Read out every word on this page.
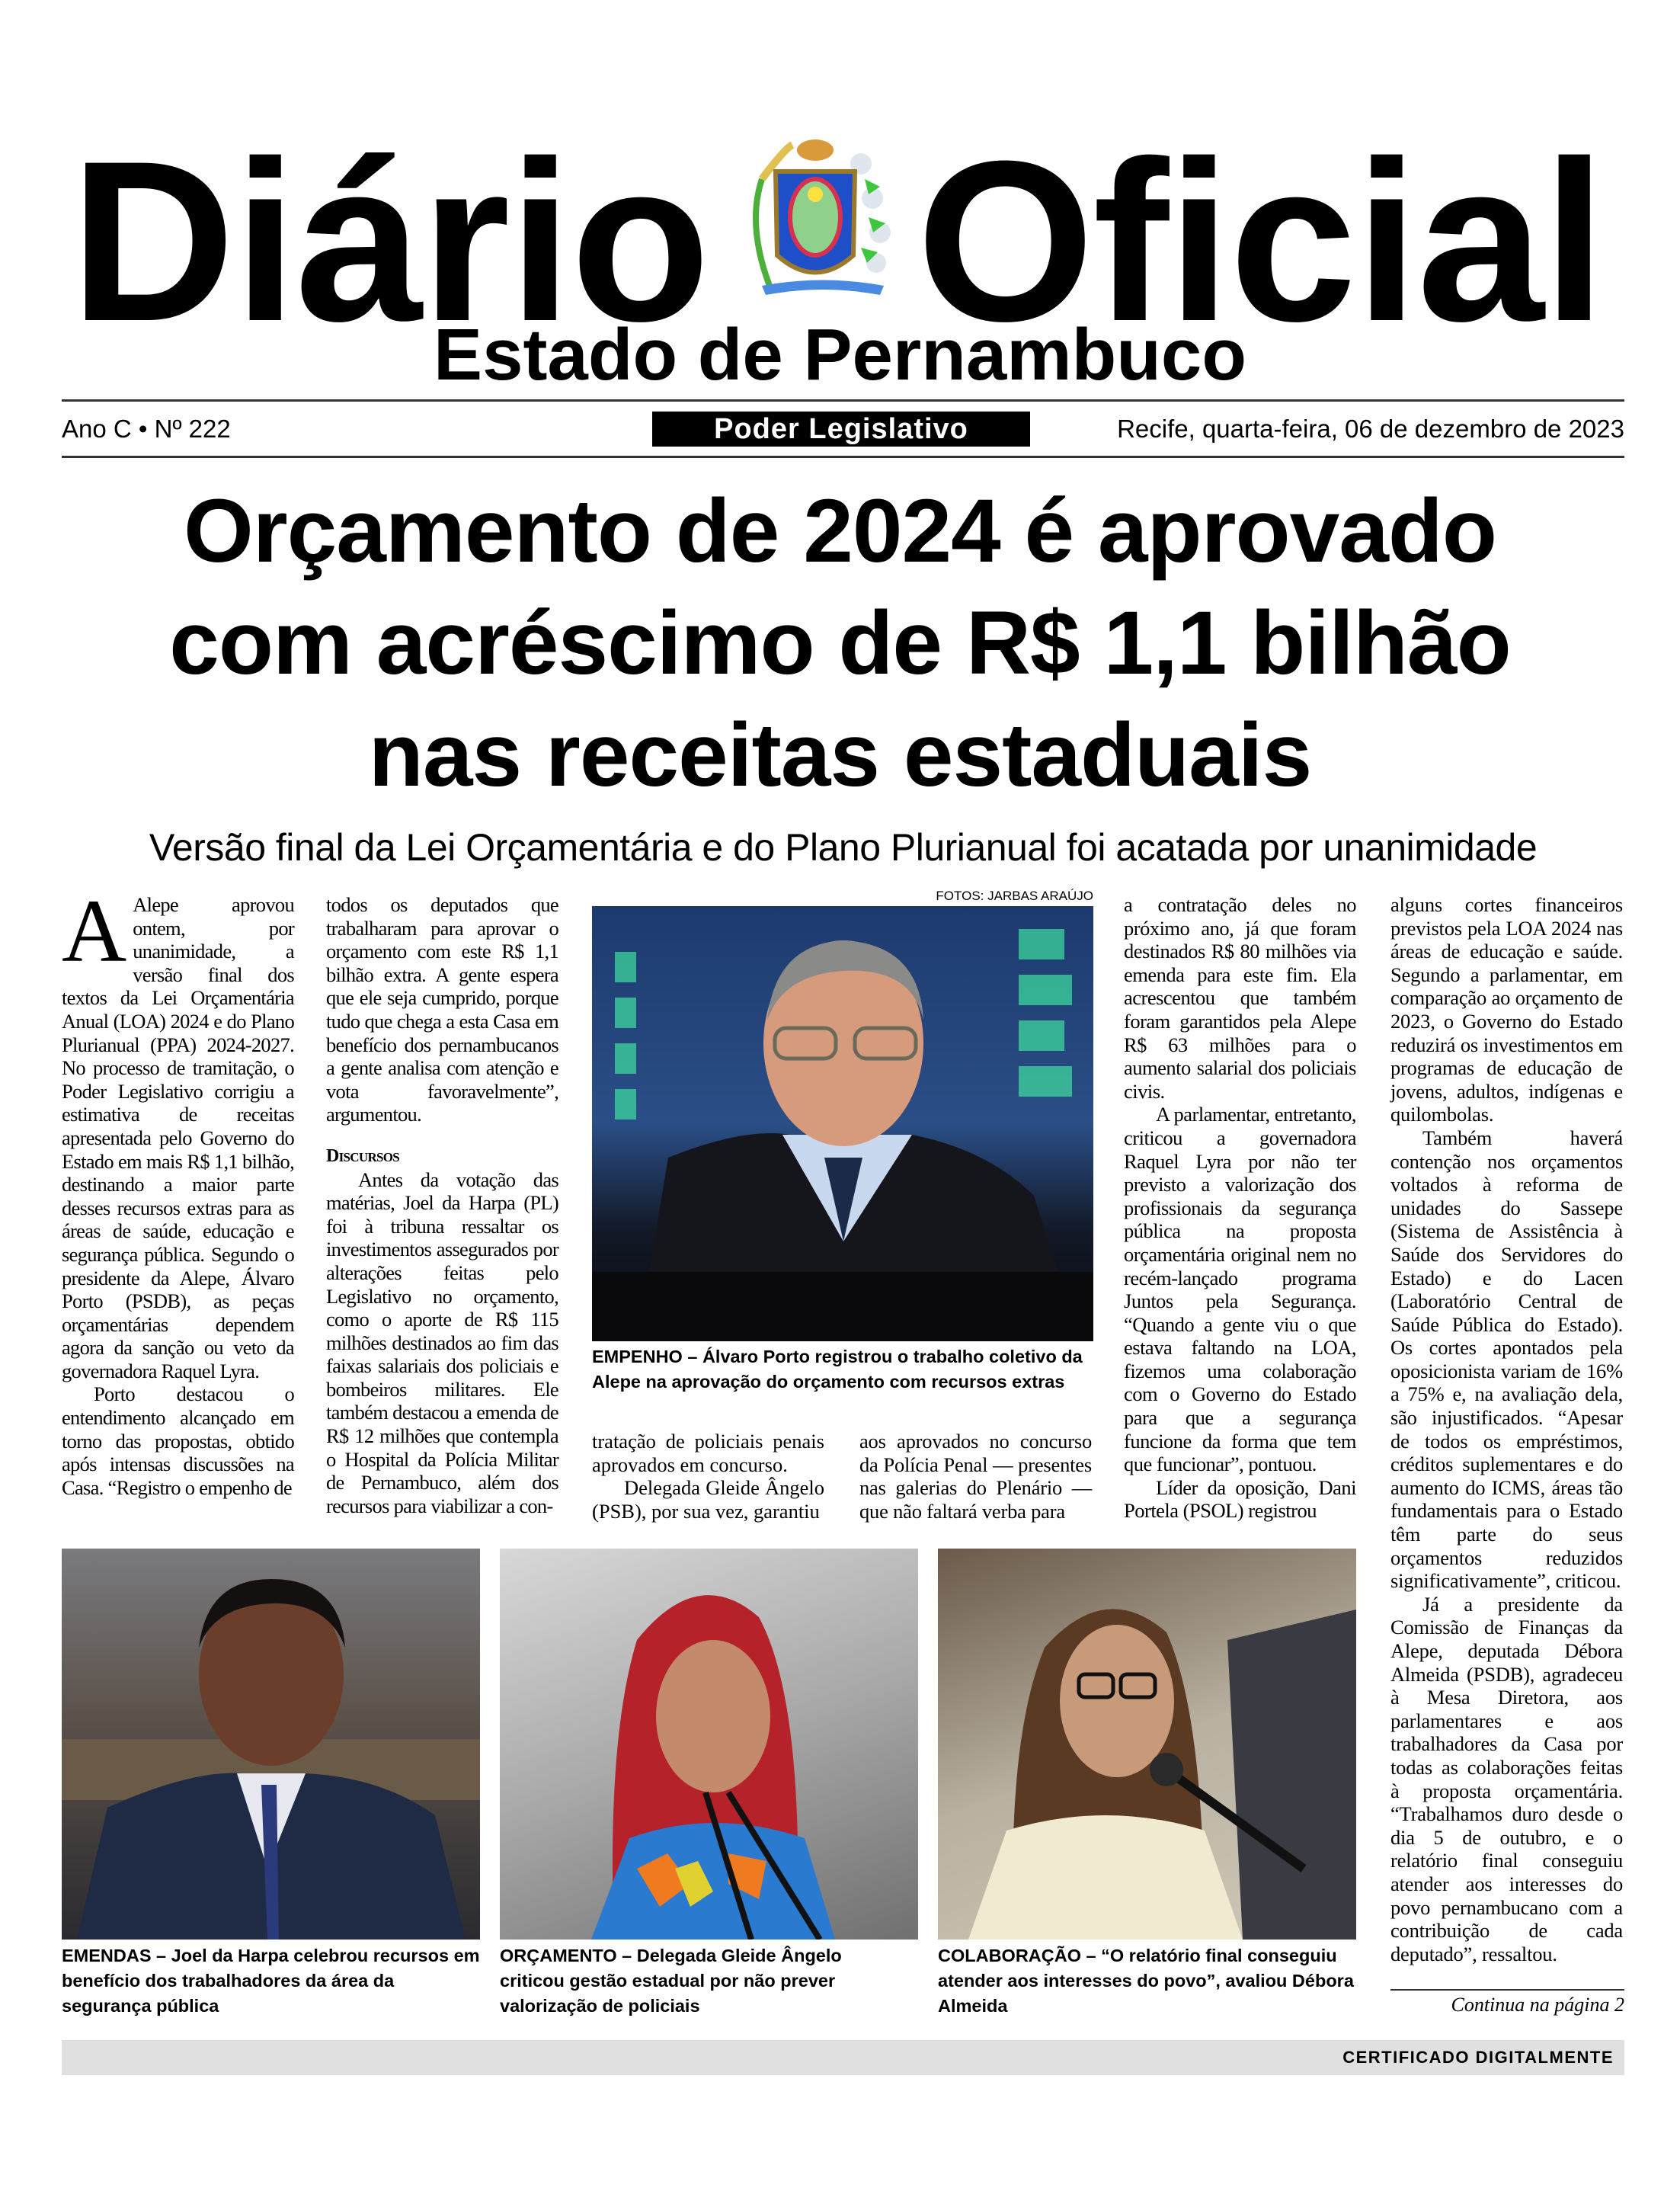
Diário Oficial
Estado de Pernambuco
Ano C • Nº 222	Poder Legislativo	Recife, quarta-feira, 06 de dezembro de 2023
Orçamento de 2024 é aprovado
com acréscimo de R$ 1,1 bilhão
nas receitas estaduais
Versão final da Lei Orçamentária e do Plano Plurianual foi acatada por unanimidade

A Alepe aprovou ontem, por unanimidade, a versão final dos textos da Lei Orçamentária Anual (LOA) 2024 e do Plano Plurianual (PPA) 2024-2027. No processo de tramitação, o Poder Legislativo corrigiu a estimativa de receitas apresentada pelo Governo do Estado em mais R$ 1,1 bilhão, destinando a maior parte desses recursos extras para as áreas de saúde, educação e segurança pública. Segundo o presidente da Alepe, Álvaro Porto (PSDB), as peças orçamentárias dependem agora da sanção ou veto da governadora Raquel Lyra.

Porto destacou o entendimento alcançado em torno das propostas, obtido após intensas discussões na Casa. “Registro o empenho de

todos os deputados que trabalharam para aprovar o orçamento com este R$ 1,1 bilhão extra. A gente espera que ele seja cumprido, porque tudo que chega a esta Casa em benefício dos pernambucanos a gente analisa com atenção e vota favoravelmente”, argumentou.

Discursos

Antes da votação das matérias, Joel da Harpa (PL) foi à tribuna ressaltar os investimentos assegurados por alterações feitas pelo Legislativo no orçamento, como o aporte de R$ 115 milhões destinados ao fim das faixas salariais dos policiais e bombeiros militares. Ele também destacou a emenda de R$ 12 milhões que contempla o Hospital da Polícia Militar de Pernambuco, além dos recursos para viabilizar a con-

FOTOS: JARBAS ARAÚJO
EMPENHO – Álvaro Porto registrou o trabalho coletivo da Alepe na aprovação do orçamento com recursos extras

tratação de policiais penais aprovados em concurso.

Delegada Gleide Ângelo (PSB), por sua vez, garantiu

aos aprovados no concurso da Polícia Penal — presentes nas galerias do Plenário — que não faltará verba para

a contratação deles no próximo ano, já que foram destinados R$ 80 milhões via emenda para este fim. Ela acrescentou que também foram garantidos pela Alepe R$ 63 milhões para o aumento salarial dos policiais civis.

A parlamentar, entretanto, criticou a governadora Raquel Lyra por não ter previsto a valorização dos profissionais da segurança pública na proposta orçamentária original nem no recém-lançado programa Juntos pela Segurança. “Quando a gente viu o que estava faltando na LOA, fizemos uma colaboração com o Governo do Estado para que a segurança funcione da forma que tem que funcionar”, pontuou.

Líder da oposição, Dani Portela (PSOL) registrou

alguns cortes financeiros previstos pela LOA 2024 nas áreas de educação e saúde. Segundo a parlamentar, em comparação ao orçamento de 2023, o Governo do Estado reduzirá os investimentos em programas de educação de jovens, adultos, indígenas e quilombolas.

Também haverá contenção nos orçamentos voltados à reforma de unidades do Sassepe (Sistema de Assistência à Saúde dos Servidores do Estado) e do Lacen (Laboratório Central de Saúde Pública do Estado). Os cortes apontados pela oposicionista variam de 16% a 75% e, na avaliação dela, são injustificados. “Apesar de todos os empréstimos, créditos suplementares e do aumento do ICMS, áreas tão fundamentais para o Estado têm parte do seus orçamentos reduzidos significativamente”, criticou.

Já a presidente da Comissão de Finanças da Alepe, deputada Débora Almeida (PSDB), agradeceu à Mesa Diretora, aos parlamentares e aos trabalhadores da Casa por todas as colaborações feitas à proposta orçamentária. “Trabalhamos duro desde o dia 5 de outubro, e o relatório final conseguiu atender aos interesses do povo pernambucano com a contribuição de cada deputado”, ressaltou.

EMENDAS – Joel da Harpa celebrou recursos em benefício dos trabalhadores da área da segurança pública
ORÇAMENTO – Delegada Gleide Ângelo criticou gestão estadual por não prever valorização de policiais
COLABORAÇÃO – “O relatório final conseguiu atender aos interesses do povo”, avaliou Débora Almeida	Continua na página 2
CERTIFICADO DIGITALMENTE
